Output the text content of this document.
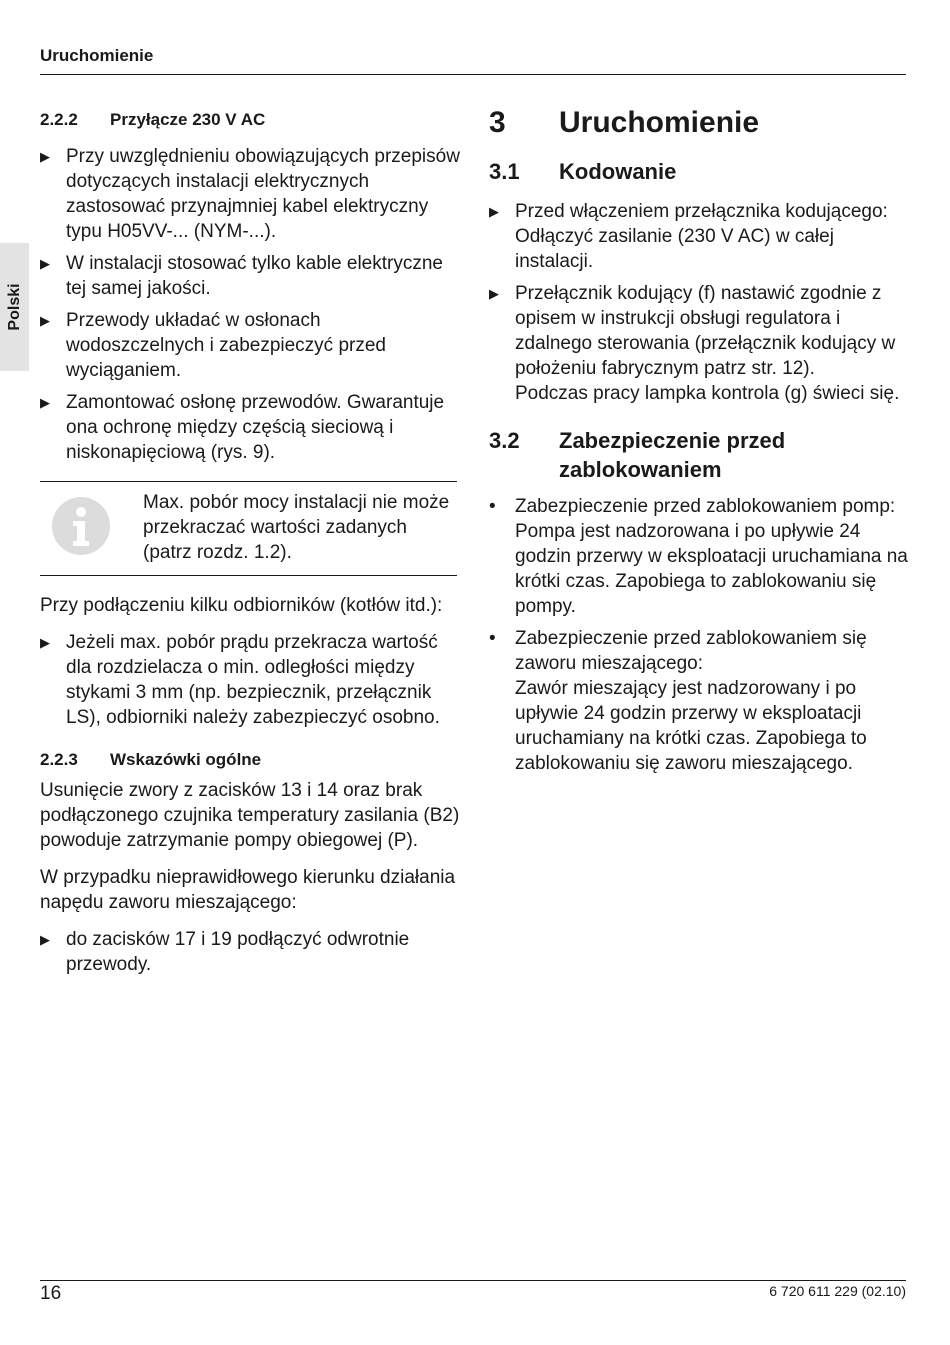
Uruchomienie
Polski
2.2.2	Przyłącze 230 V AC
▶ Przy uwzględnieniu obowiązujących przepisów dotyczących instalacji elektrycznych zastosować przynajmniej kabel elektryczny typu H05VV-... (NYM-...).
▶ W instalacji stosować tylko kable elektryczne tej samej jakości.
▶ Przewody układać w osłonach wodoszczelnych i zabezpieczyć przed wyciąganiem.
▶ Zamontować osłonę przewodów. Gwarantuje ona ochronę między częścią sieciową i niskonapięciową (rys. 9).
Max. pobór mocy instalacji nie może przekraczać wartości zadanych (patrz rozdz. 1.2).
Przy podłączeniu kilku odbiorników (kotłów itd.):
▶ Jeżeli max. pobór prądu przekracza wartość dla rozdzielacza o min. odległości między stykami 3 mm (np. bezpiecznik, przełącznik LS), odbiorniki należy zabezpieczyć osobno.
2.2.3	Wskazówki ogólne
Usunięcie zwory z zacisków 13 i 14 oraz brak podłączonego czujnika temperatury zasilania (B2) powoduje zatrzymanie pompy obiegowej (P).
W przypadku nieprawidłowego kierunku działania napędu zaworu mieszającego:
▶ do zacisków 17 i 19 podłączyć odwrotnie przewody.
3	Uruchomienie
3.1	Kodowanie
▶ Przed włączeniem przełącznika kodującego:
Odłączyć zasilanie (230 V AC) w całej instalacji.
▶ Przełącznik kodujący (f) nastawić zgodnie z opisem w instrukcji obsługi regulatora i zdalnego sterowania (przełącznik kodujący w położeniu fabrycznym patrz str. 12).
Podczas pracy lampka kontrola (g) świeci się.
3.2	Zabezpieczenie przed zablokowaniem
•	Zabezpieczenie przed zablokowaniem pomp:
Pompa jest nadzorowana i po upływie 24 godzin przerwy w eksploatacji uruchamiana na krótki czas. Zapobiega to zablokowaniu się pompy.
•	Zabezpieczenie przed zablokowaniem się zaworu mieszającego:
Zawór mieszający jest nadzorowany i po upływie 24 godzin przerwy w eksploatacji uruchamiany na krótki czas. Zapobiega to zablokowaniu się zaworu mieszającego.
16	6 720 611 229 (02.10)
